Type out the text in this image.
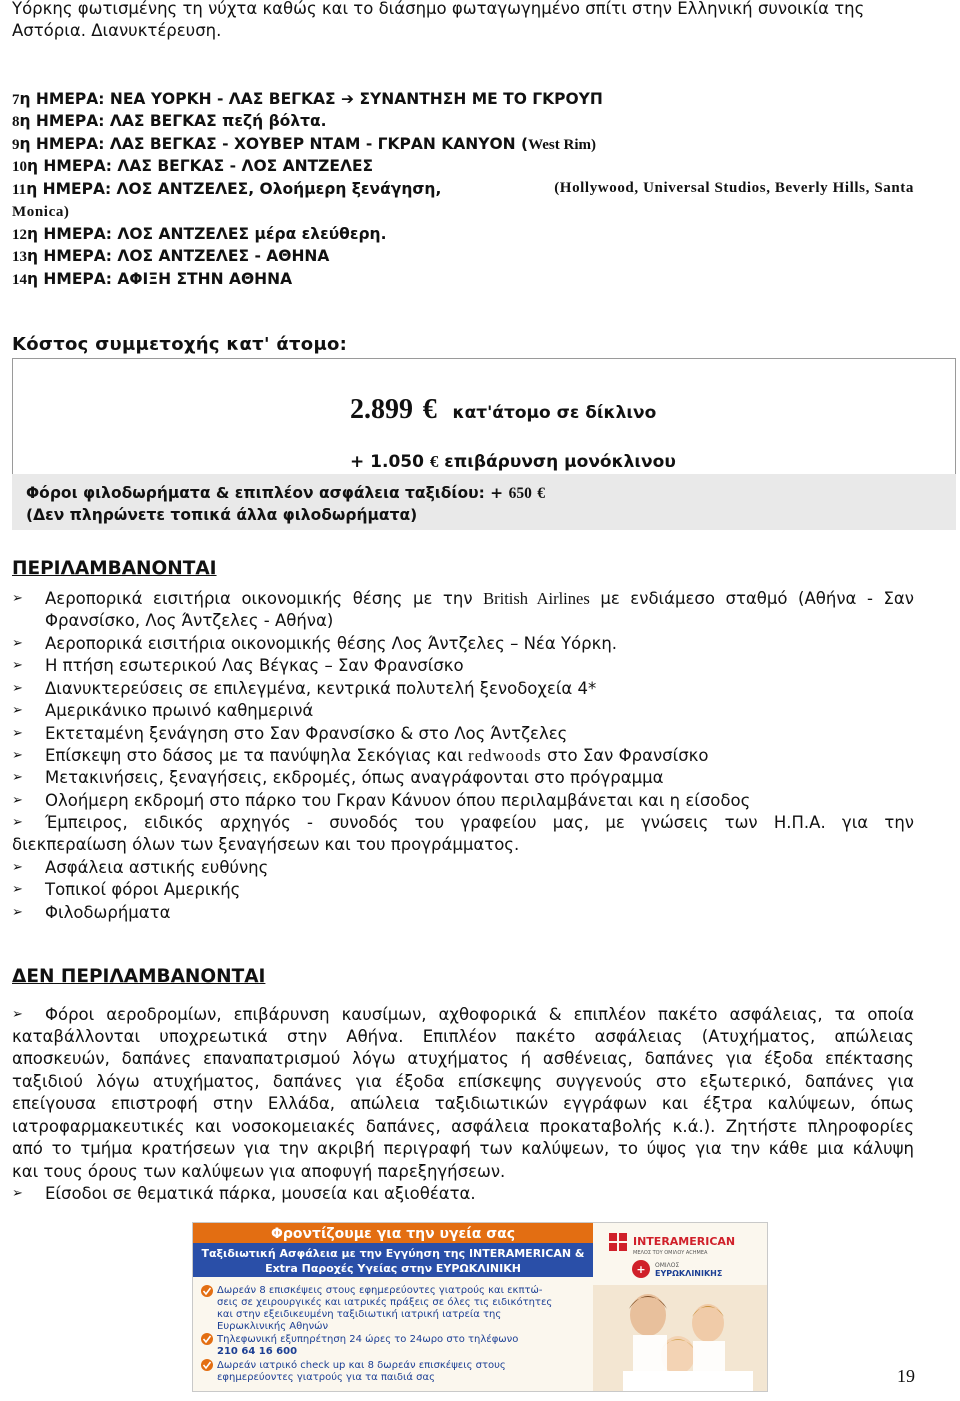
Υόρκης φωτισμένης τη νύχτα καθώς και το διάσημο φωταγωγημένο σπίτι στην Ελληνική συνοικία της
Αστόρια. Διανυκτέρευση.
7η ΗΜΕΡΑ: ΝΕΑ ΥΟΡΚΗ - ΛΑΣ ΒΕΓΚΑΣ ➔ ΣΥΝΑΝΤΗΣΗ ΜΕ ΤΟ ΓΚΡΟΥΠ
8η ΗΜΕΡΑ: ΛΑΣ ΒΕΓΚΑΣ πεζή βόλτα.
9η ΗΜΕΡΑ: ΛΑΣ ΒΕΓΚΑΣ - ΧΟΥΒΕΡ ΝΤΑΜ - ΓΚΡΑΝ ΚΑΝΥΟΝ (West Rim)
10η ΗΜΕΡΑ: ΛΑΣ ΒΕΓΚΑΣ - ΛΟΣ ΑΝΤΖΕΛΕΣ
11η ΗΜΕΡΑ: ΛΟΣ ΑΝΤΖΕΛΕΣ, Ολοήμερη ξενάγηση,	(Hollywood, Universal Studios, Beverly Hills, Santa
Monica)
12η ΗΜΕΡΑ: ΛΟΣ ΑΝΤΖΕΛΕΣ μέρα ελεύθερη.
13η ΗΜΕΡΑ: ΛΟΣ ΑΝΤΖΕΛΕΣ - ΑΘΗΝΑ
14η ΗΜΕΡΑ: ΑΦΙΞΗ ΣΤΗΝ ΑΘΗΝΑ
Κόστος συμμετοχής κατ' άτομο:
2.899 € κατ'άτομο σε δίκλινο
+ 1.050 € επιβάρυνση μονόκλινου
Φόροι φιλοδωρήματα & επιπλέον ασφάλεια ταξιδίου: + 650 €
(Δεν πληρώνετε τοπικά άλλα φιλοδωρήματα)
ΠΕΡΙΛΑΜΒΑΝΟΝΤΑΙ
➢	Αεροπορικά εισιτήρια οικονομικής θέσης με την British Airlines με ενδιάμεσο σταθμό (Αθήνα - Σαν
Φρανσίσκο, Λος Άντζελες - Αθήνα)
➢	Αεροπορικά εισιτήρια οικονομικής θέσης Λος Άντζελες – Νέα Υόρκη.
➢	Η πτήση εσωτερικού Λας Βέγκας – Σαν Φρανσίσκο
➢	Διανυκτερεύσεις σε επιλεγμένα, κεντρικά πολυτελή ξενοδοχεία 4*
➢	Αμερικάνικο πρωινό καθημερινά
➢	Εκτεταμένη ξενάγηση στο Σαν Φρανσίσκο & στο Λος Άντζελες
➢	Επίσκεψη στο δάσος με τα πανύψηλα Σεκόγιας και redwoods στο Σαν Φρανσίσκο
➢	Μετακινήσεις, ξεναγήσεις, εκδρομές, όπως αναγράφονται στο πρόγραμμα
➢	Ολοήμερη εκδρομή στο πάρκο του Γκραν Κάνυον όπου περιλαμβάνεται και η είσοδος
➢	Έμπειρος, ειδικός αρχηγός - συνοδός του γραφείου μας, με γνώσεις των Η.Π.Α. για την
διεκπεραίωση όλων των ξεναγήσεων και του προγράμματος.
➢	Ασφάλεια αστικής ευθύνης
➢	Τοπικοί φόροι Αμερικής
➢	Φιλοδωρήματα
ΔΕΝ ΠΕΡΙΛΑΜΒΑΝΟΝΤΑΙ
➢	Φόροι αεροδρομίων, επιβάρυνση καυσίμων, αχθοφορικά & επιπλέον πακέτο ασφάλειας, τα οποία
καταβάλλονται υποχρεωτικά στην Αθήνα. Επιπλέον πακέτο ασφάλειας (Ατυχήματος, απώλειας
αποσκευών, δαπάνες επαναπατρισμού λόγω ατυχήματος ή ασθένειας, δαπάνες για έξοδα επέκτασης
ταξιδιού λόγω ατυχήματος, δαπάνες για έξοδα επίσκεψης συγγενούς στο εξωτερικό, δαπάνες για
επείγουσα επιστροφή στην Ελλάδα, απώλεια ταξιδιωτικών εγγράφων και έξτρα καλύψεων, όπως
ιατροφαρμακευτικές και νοσοκομειακές δαπάνες, ασφάλεια προκαταβολής κ.ά.). Ζητήστε πληροφορίες
από το τμήμα κρατήσεων για την ακριβή περιγραφή των καλύψεων, το ύψος για την κάθε μια κάλυψη
και τους όρους των καλύψεων για αποφυγή παρεξηγήσεων.
➢	Είσοδοι σε θεματικά πάρκα, μουσεία και αξιοθέατα.
Φροντίζουμε για την υγεία σας
Ταξιδιωτική Ασφάλεια με την Εγγύηση της INTERAMERICAN &
Extra Παροχές Υγείας στην ΕΥΡΩΚΛΙΝΙΚΗ
Δωρεάν 8 επισκέψεις στους εφημερεύοντες γιατρούς και εκπτώ-
σεις σε χειρουργικές και ιατρικές πράξεις σε όλες τις ειδικότητες
και στην εξειδικευμένη ταξιδιωτική ιατρική ιατρεία της
Ευρωκλινικής Αθηνών
Τηλεφωνική εξυπηρέτηση 24 ώρες το 24ωρο στο τηλέφωνο
210 64 16 600
Δωρεάν ιατρικό check up και 8 δωρεάν επισκέψεις στους
εφημερεύοντες γιατρούς για τα παιδιά σας
INTERAMERICAN
ΜΕΛΟΣ ΤΟΥ ΟΜΙΛΟΥ ACHMEA
+ ΟΜΙΛΟΣ
ΕΥΡΩΚΛΙΝΙΚΗΣ
19
